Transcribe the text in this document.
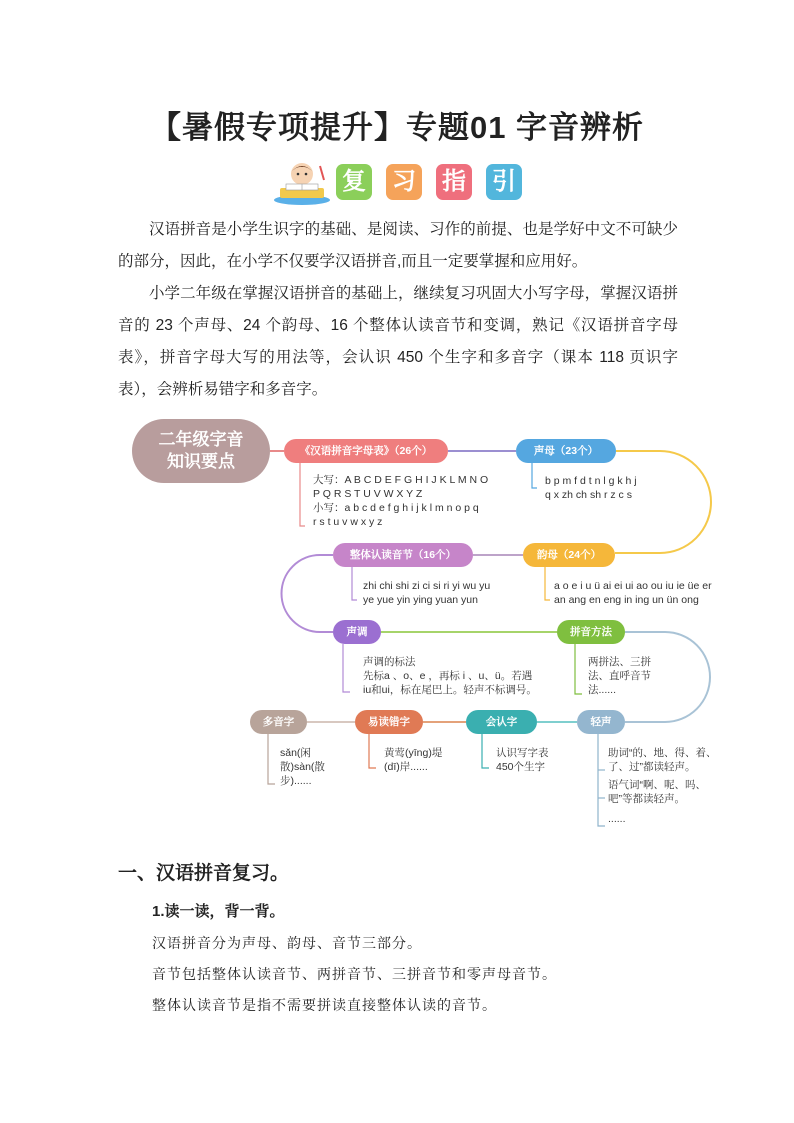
【暑假专项提升】专题01 字音辨析
复 习 指 引

汉语拼音是小学生识字的基础、是阅读、习作的前提、也是学好中文不可缺少的部分，因此，在小学不仅要学汉语拼音,而且一定要掌握和应用好。

小学二年级在掌握汉语拼音的基础上，继续复习巩固大小写字母，掌握汉语拼音的 23 个声母、24 个韵母、16 个整体认读音节和变调，熟记《汉语拼音字母表》，拼音字母大写的用法等，会认识 450 个生字和多音字（课本 118 页识字表），会辨析易错字和多音字。

二年级字音
知识要点
《汉语拼音字母表》（26个）	声母（23个）
韵母（24个）
整体认读音节（16个）
声调	拼音方法
轻声
会认字
易读错字
多音字
大写：A B C D E F G H I J K L M N O
P Q R S T U V W X Y Z
小写：a b c d e f g h i j k l m n o p q
r s t u v w x y z
b p m f d t n l g k h j
q x zh ch sh r z c s
a o e i u ü ai ei ui ao ou iu ie üe er
an ang en eng in ing un ün ong
zhi chi shi zi ci si ri yi wu yu
ye yue yin ying yuan yun
声调的标法
先标a 、o、e ，再标 i 、u、ü。若遇
iu和ui，标在尾巴上。轻声不标调号。
两拼法、三拼
法、直呼音节
法......
助词“的、地、得、着、
了、过”都读轻声。
语气词“啊、呢、吗、
吧”等都读轻声。
......
认识写字表
450个生字
黄莺(yīng)堤
(dī)岸......
sǎn(闲
散)sàn(散
步)......
一、汉语拼音复习。
1.读一读，背一背。
汉语拼音分为声母、韵母、音节三部分。
音节包括整体认读音节、两拼音节、三拼音节和零声母音节。
整体认读音节是指不需要拼读直接整体认读的音节。
